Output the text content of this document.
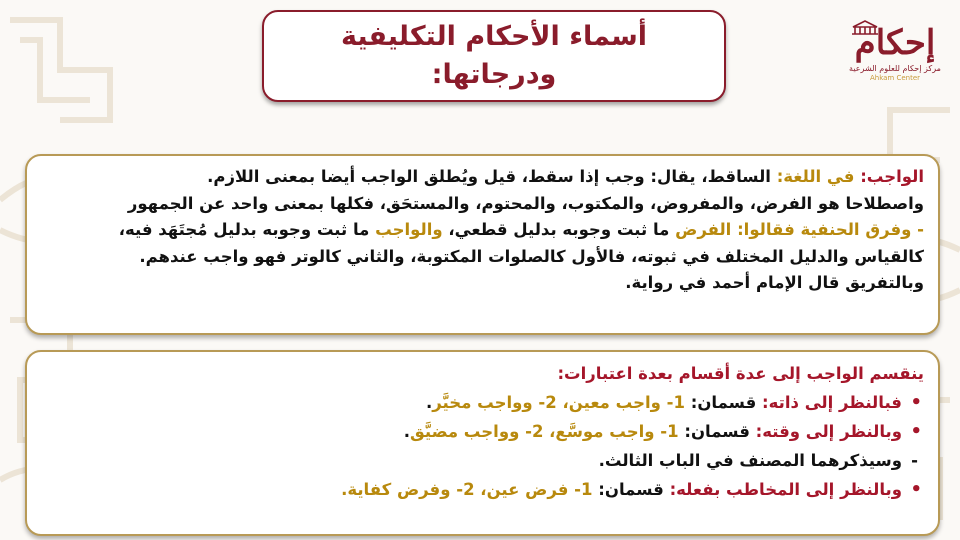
أسماء الأحكام التكليفية
ودرجاتها:
إحكام
مركز إحكام للعلوم الشرعية
Ahkam Center
الواجب: في اللغة: الساقط، يقال: وجب إذا سقط، قيل ويُطلق الواجب أيضا بمعنى اللازم.
واصطلاحا هو الفرض، والمفروض، والمكتوب، والمحتوم، والمستحَق، فكلها بمعنى واحد عن الجمهور
- وفرق الحنفية فقالوا: الفرض ما ثبت وجوبه بدليل قطعي، والواجب ما ثبت وجوبه بدليل مُجتَهَد فيه،
كالقياس والدليل المختلف في ثبوته، فالأول كالصلوات المكتوبة، والثاني كالوتر فهو واجب عندهم.
وبالتفريق قال الإمام أحمد في رواية.
ينقسم الواجب إلى عدة أقسام بعدة اعتبارات:
• فبالنظر إلى ذاته: قسمان: 1- واجب معين، 2- وواجب مخيَّر.
• وبالنظر إلى وقته: قسمان: 1- واجب موسَّع، 2- وواجب مضيَّق.
- وسيذكرهما المصنف في الباب الثالث.
• وبالنظر إلى المخاطب بفعله: قسمان: 1- فرض عين، 2- وفرض كفاية.
